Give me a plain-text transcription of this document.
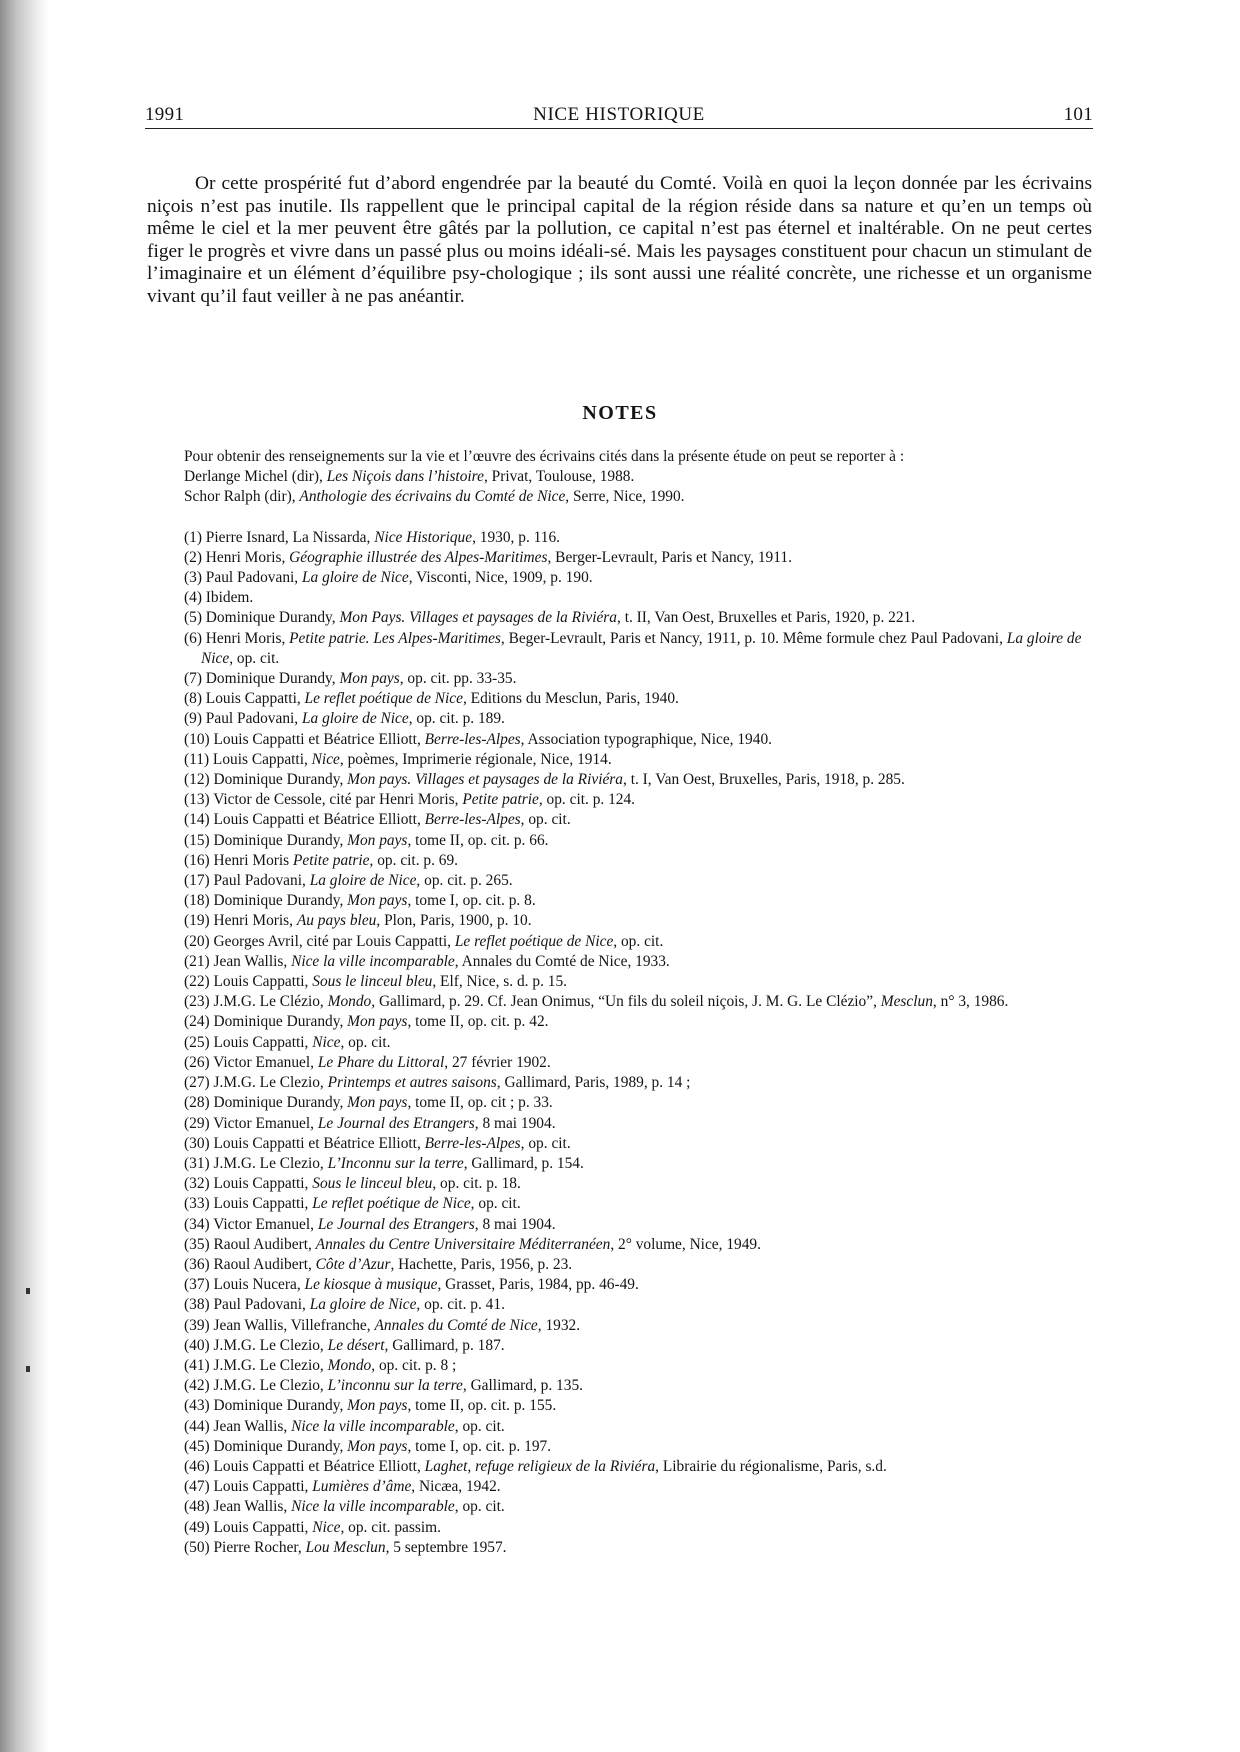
1991	NICE HISTORIQUE	101

Or cette prospérité fut d’abord engendrée par la beauté du Comté. Voilà en quoi la leçon donnée par les écrivains niçois n’est pas inutile. Ils rappellent que le principal capital de la région réside dans sa nature et qu’en un temps où même le ciel et la mer peuvent être gâtés par la pollution, ce capital n’est pas éternel et inaltérable. On ne peut certes figer le progrès et vivre dans un passé plus ou moins idéali-sé. Mais les paysages constituent pour chacun un stimulant de l’imaginaire et un élément d’équilibre psy-chologique ; ils sont aussi une réalité concrète, une richesse et un organisme vivant qu’il faut veiller à ne pas anéantir.

NOTES
Pour obtenir des renseignements sur la vie et l’œuvre des écrivains cités dans la présente étude on peut se reporter à :
Derlange Michel (dir), Les Niçois dans l’histoire, Privat, Toulouse, 1988.
Schor Ralph (dir), Anthologie des écrivains du Comté de Nice, Serre, Nice, 1990.
(1) Pierre Isnard, La Nissarda, Nice Historique, 1930, p. 116.
(2) Henri Moris, Géographie illustrée des Alpes-Maritimes, Berger-Levrault, Paris et Nancy, 1911.
(3) Paul Padovani, La gloire de Nice, Visconti, Nice, 1909, p. 190.
(4) Ibidem.
(5) Dominique Durandy, Mon Pays. Villages et paysages de la Riviéra, t. II, Van Oest, Bruxelles et Paris, 1920, p. 221.
(6) Henri Moris, Petite patrie. Les Alpes-Maritimes, Beger-Levrault, Paris et Nancy, 1911, p. 10. Même formule chez Paul Padovani, La gloire de Nice, op. cit.
(7) Dominique Durandy, Mon pays, op. cit. pp. 33-35.
(8) Louis Cappatti, Le reflet poétique de Nice, Editions du Mesclun, Paris, 1940.
(9) Paul Padovani, La gloire de Nice, op. cit. p. 189.
(10) Louis Cappatti et Béatrice Elliott, Berre-les-Alpes, Association typographique, Nice, 1940.
(11) Louis Cappatti, Nice, poèmes, Imprimerie régionale, Nice, 1914.
(12) Dominique Durandy, Mon pays. Villages et paysages de la Riviéra, t. I, Van Oest, Bruxelles, Paris, 1918, p. 285.
(13) Victor de Cessole, cité par Henri Moris, Petite patrie, op. cit. p. 124.
(14) Louis Cappatti et Béatrice Elliott, Berre-les-Alpes, op. cit.
(15) Dominique Durandy, Mon pays, tome II, op. cit. p. 66.
(16) Henri Moris Petite patrie, op. cit. p. 69.
(17) Paul Padovani, La gloire de Nice, op. cit. p. 265.
(18) Dominique Durandy, Mon pays, tome I, op. cit. p. 8.
(19) Henri Moris, Au pays bleu, Plon, Paris, 1900, p. 10.
(20) Georges Avril, cité par Louis Cappatti, Le reflet poétique de Nice, op. cit.
(21) Jean Wallis, Nice la ville incomparable, Annales du Comté de Nice, 1933.
(22) Louis Cappatti, Sous le linceul bleu, Elf, Nice, s. d. p. 15.
(23) J.M.G. Le Clézio, Mondo, Gallimard, p. 29. Cf. Jean Onimus, “Un fils du soleil niçois, J. M. G. Le Clézio”, Mesclun, n° 3, 1986.
(24) Dominique Durandy, Mon pays, tome II, op. cit. p. 42.
(25) Louis Cappatti, Nice, op. cit.
(26) Victor Emanuel, Le Phare du Littoral, 27 février 1902.
(27) J.M.G. Le Clezio, Printemps et autres saisons, Gallimard, Paris, 1989, p. 14 ;
(28) Dominique Durandy, Mon pays, tome II, op. cit ; p. 33.
(29) Victor Emanuel, Le Journal des Etrangers, 8 mai 1904.
(30) Louis Cappatti et Béatrice Elliott, Berre-les-Alpes, op. cit.
(31) J.M.G. Le Clezio, L’Inconnu sur la terre, Gallimard, p. 154.
(32) Louis Cappatti, Sous le linceul bleu, op. cit. p. 18.
(33) Louis Cappatti, Le reflet poétique de Nice, op. cit.
(34) Victor Emanuel, Le Journal des Etrangers, 8 mai 1904.
(35) Raoul Audibert, Annales du Centre Universitaire Méditerranéen, 2° volume, Nice, 1949.
(36) Raoul Audibert, Côte d’Azur, Hachette, Paris, 1956, p. 23.
(37) Louis Nucera, Le kiosque à musique, Grasset, Paris, 1984, pp. 46-49.
(38) Paul Padovani, La gloire de Nice, op. cit. p. 41.
(39) Jean Wallis, Villefranche, Annales du Comté de Nice, 1932.
(40) J.M.G. Le Clezio, Le désert, Gallimard, p. 187.
(41) J.M.G. Le Clezio, Mondo, op. cit. p. 8 ;
(42) J.M.G. Le Clezio, L’inconnu sur la terre, Gallimard, p. 135.
(43) Dominique Durandy, Mon pays, tome II, op. cit. p. 155.
(44) Jean Wallis, Nice la ville incomparable, op. cit.
(45) Dominique Durandy, Mon pays, tome I, op. cit. p. 197.
(46) Louis Cappatti et Béatrice Elliott, Laghet, refuge religieux de la Riviéra, Librairie du régionalisme, Paris, s.d.
(47) Louis Cappatti, Lumières d’âme, Nicæa, 1942.
(48) Jean Wallis, Nice la ville incomparable, op. cit.
(49) Louis Cappatti, Nice, op. cit. passim.
(50) Pierre Rocher, Lou Mesclun, 5 septembre 1957.
